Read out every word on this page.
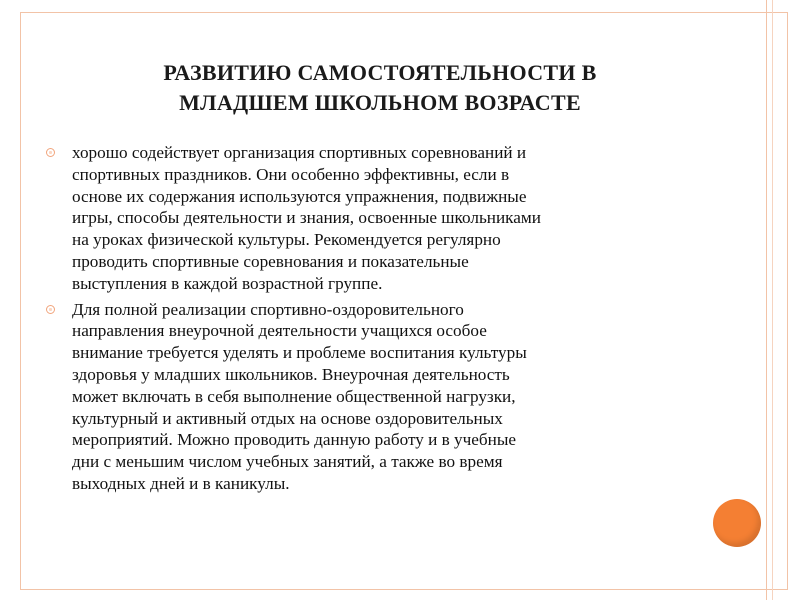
РАЗВИТИЮ САМОСТОЯТЕЛЬНОСТИ В
МЛАДШЕМ ШКОЛЬНОМ ВОЗРАСТЕ
хорошо содействует организация спортивных соревнований и
спортивных праздников. Они особенно эффективны, если в
основе их содержания используются упражнения, подвижные
игры, способы деятельности и знания, освоенные школьниками
на уроках физической культуры. Рекомендуется регулярно
проводить спортивные соревнования и показательные
выступления в каждой возрастной группе.
Для полной реализации спортивно-оздоровительного
направления внеурочной деятельности учащихся особое
внимание требуется уделять и проблеме воспитания культуры
здоровья у младших школьников. Внеурочная деятельность
может включать в себя выполнение общественной нагрузки,
культурный и активный отдых на основе оздоровительных
мероприятий. Можно проводить данную работу и в учебные
дни с меньшим числом учебных занятий, а также во время
выходных дней и в каникулы.
